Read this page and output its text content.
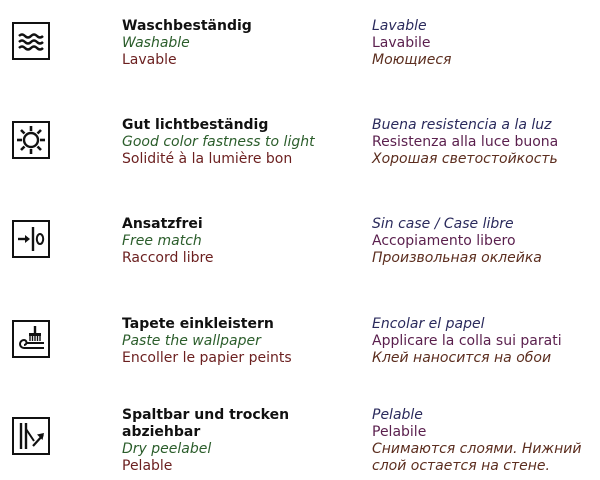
Waschbeständig
Washable
Lavable
Lavable
Lavabile
Моющиеся
Gut lichtbeständig
Good color fastness to light
Solidité à la lumière bon
Buena resistencia a la luz
Resistenza alla luce buona
Хорошая светостойкость
Ansatzfrei
Free match
Raccord libre
Sin case / Case libre
Accopiamento libero
Произвольная оклейка
Tapete einkleistern
Paste the wallpaper
Encoller le papier peints
Encolar el papel
Applicare la colla sui parati
Клей наносится на обои
Spaltbar und trocken
abziehbar
Dry peelabel
Pelable
Pelable
Pelabile
Снимаются слоями. Нижний
слой остается на стене.
